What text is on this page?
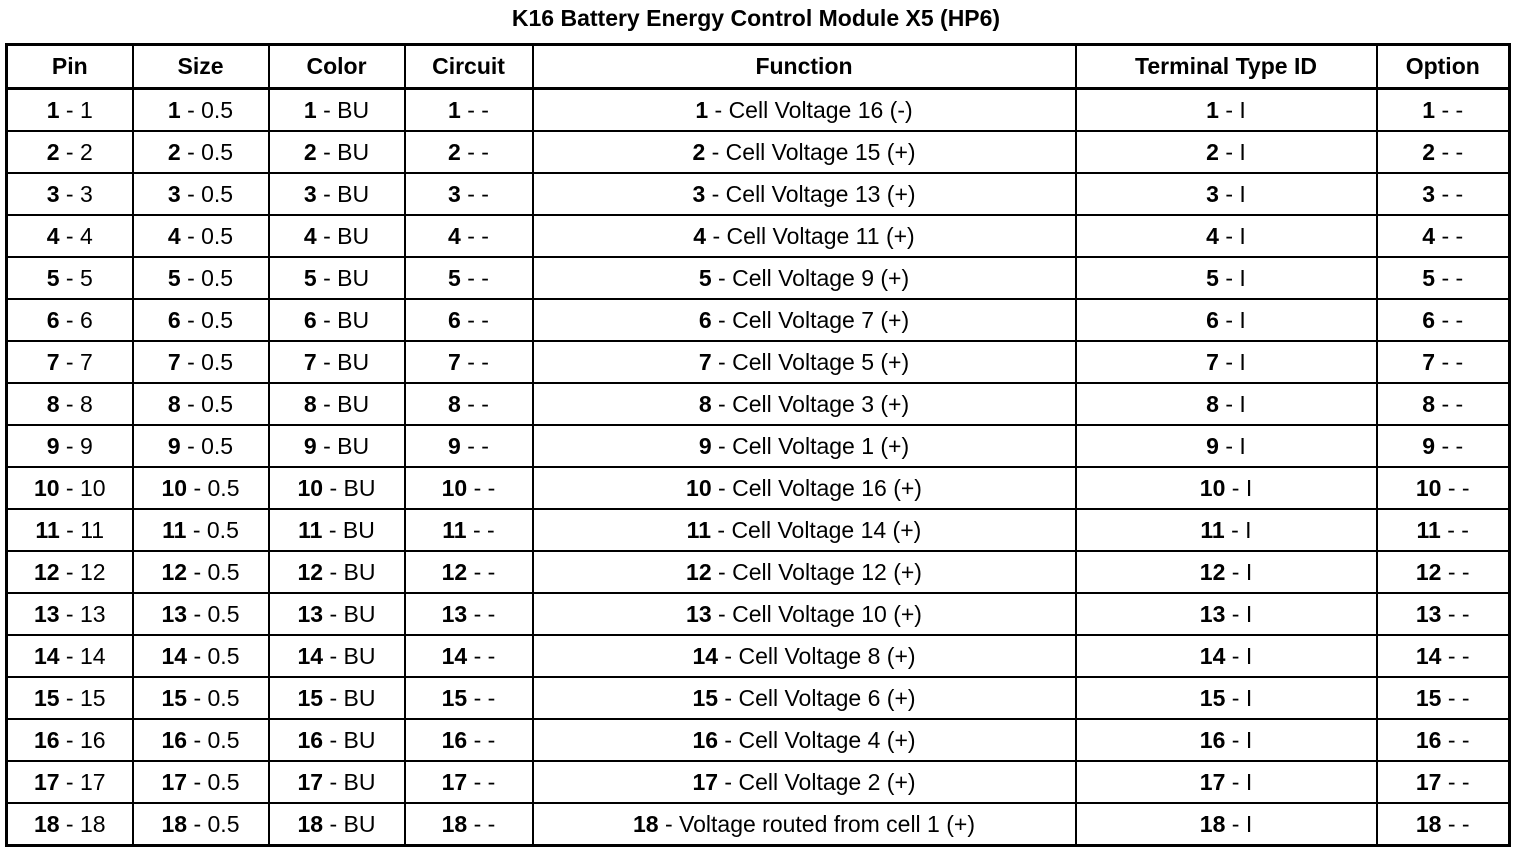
K16 Battery Energy Control Module X5 (HP6)
Pin	Size	Color	Circuit	Function	Terminal Type ID	Option
1 - 1	1 - 0.5	1 - BU	1 - -	1 - Cell Voltage 16 (-)	1 - I	1 - -
2 - 2	2 - 0.5	2 - BU	2 - -	2 - Cell Voltage 15 (+)	2 - I	2 - -
3 - 3	3 - 0.5	3 - BU	3 - -	3 - Cell Voltage 13 (+)	3 - I	3 - -
4 - 4	4 - 0.5	4 - BU	4 - -	4 - Cell Voltage 11 (+)	4 - I	4 - -
5 - 5	5 - 0.5	5 - BU	5 - -	5 - Cell Voltage 9 (+)	5 - I	5 - -
6 - 6	6 - 0.5	6 - BU	6 - -	6 - Cell Voltage 7 (+)	6 - I	6 - -
7 - 7	7 - 0.5	7 - BU	7 - -	7 - Cell Voltage 5 (+)	7 - I	7 - -
8 - 8	8 - 0.5	8 - BU	8 - -	8 - Cell Voltage 3 (+)	8 - I	8 - -
9 - 9	9 - 0.5	9 - BU	9 - -	9 - Cell Voltage 1 (+)	9 - I	9 - -
10 - 10	10 - 0.5	10 - BU	10 - -	10 - Cell Voltage 16 (+)	10 - I	10 - -
11 - 11	11 - 0.5	11 - BU	11 - -	11 - Cell Voltage 14 (+)	11 - I	11 - -
12 - 12	12 - 0.5	12 - BU	12 - -	12 - Cell Voltage 12 (+)	12 - I	12 - -
13 - 13	13 - 0.5	13 - BU	13 - -	13 - Cell Voltage 10 (+)	13 - I	13 - -
14 - 14	14 - 0.5	14 - BU	14 - -	14 - Cell Voltage 8 (+)	14 - I	14 - -
15 - 15	15 - 0.5	15 - BU	15 - -	15 - Cell Voltage 6 (+)	15 - I	15 - -
16 - 16	16 - 0.5	16 - BU	16 - -	16 - Cell Voltage 4 (+)	16 - I	16 - -
17 - 17	17 - 0.5	17 - BU	17 - -	17 - Cell Voltage 2 (+)	17 - I	17 - -
18 - 18	18 - 0.5	18 - BU	18 - -	18 - Voltage routed from cell 1 (+)	18 - I	18 - -
